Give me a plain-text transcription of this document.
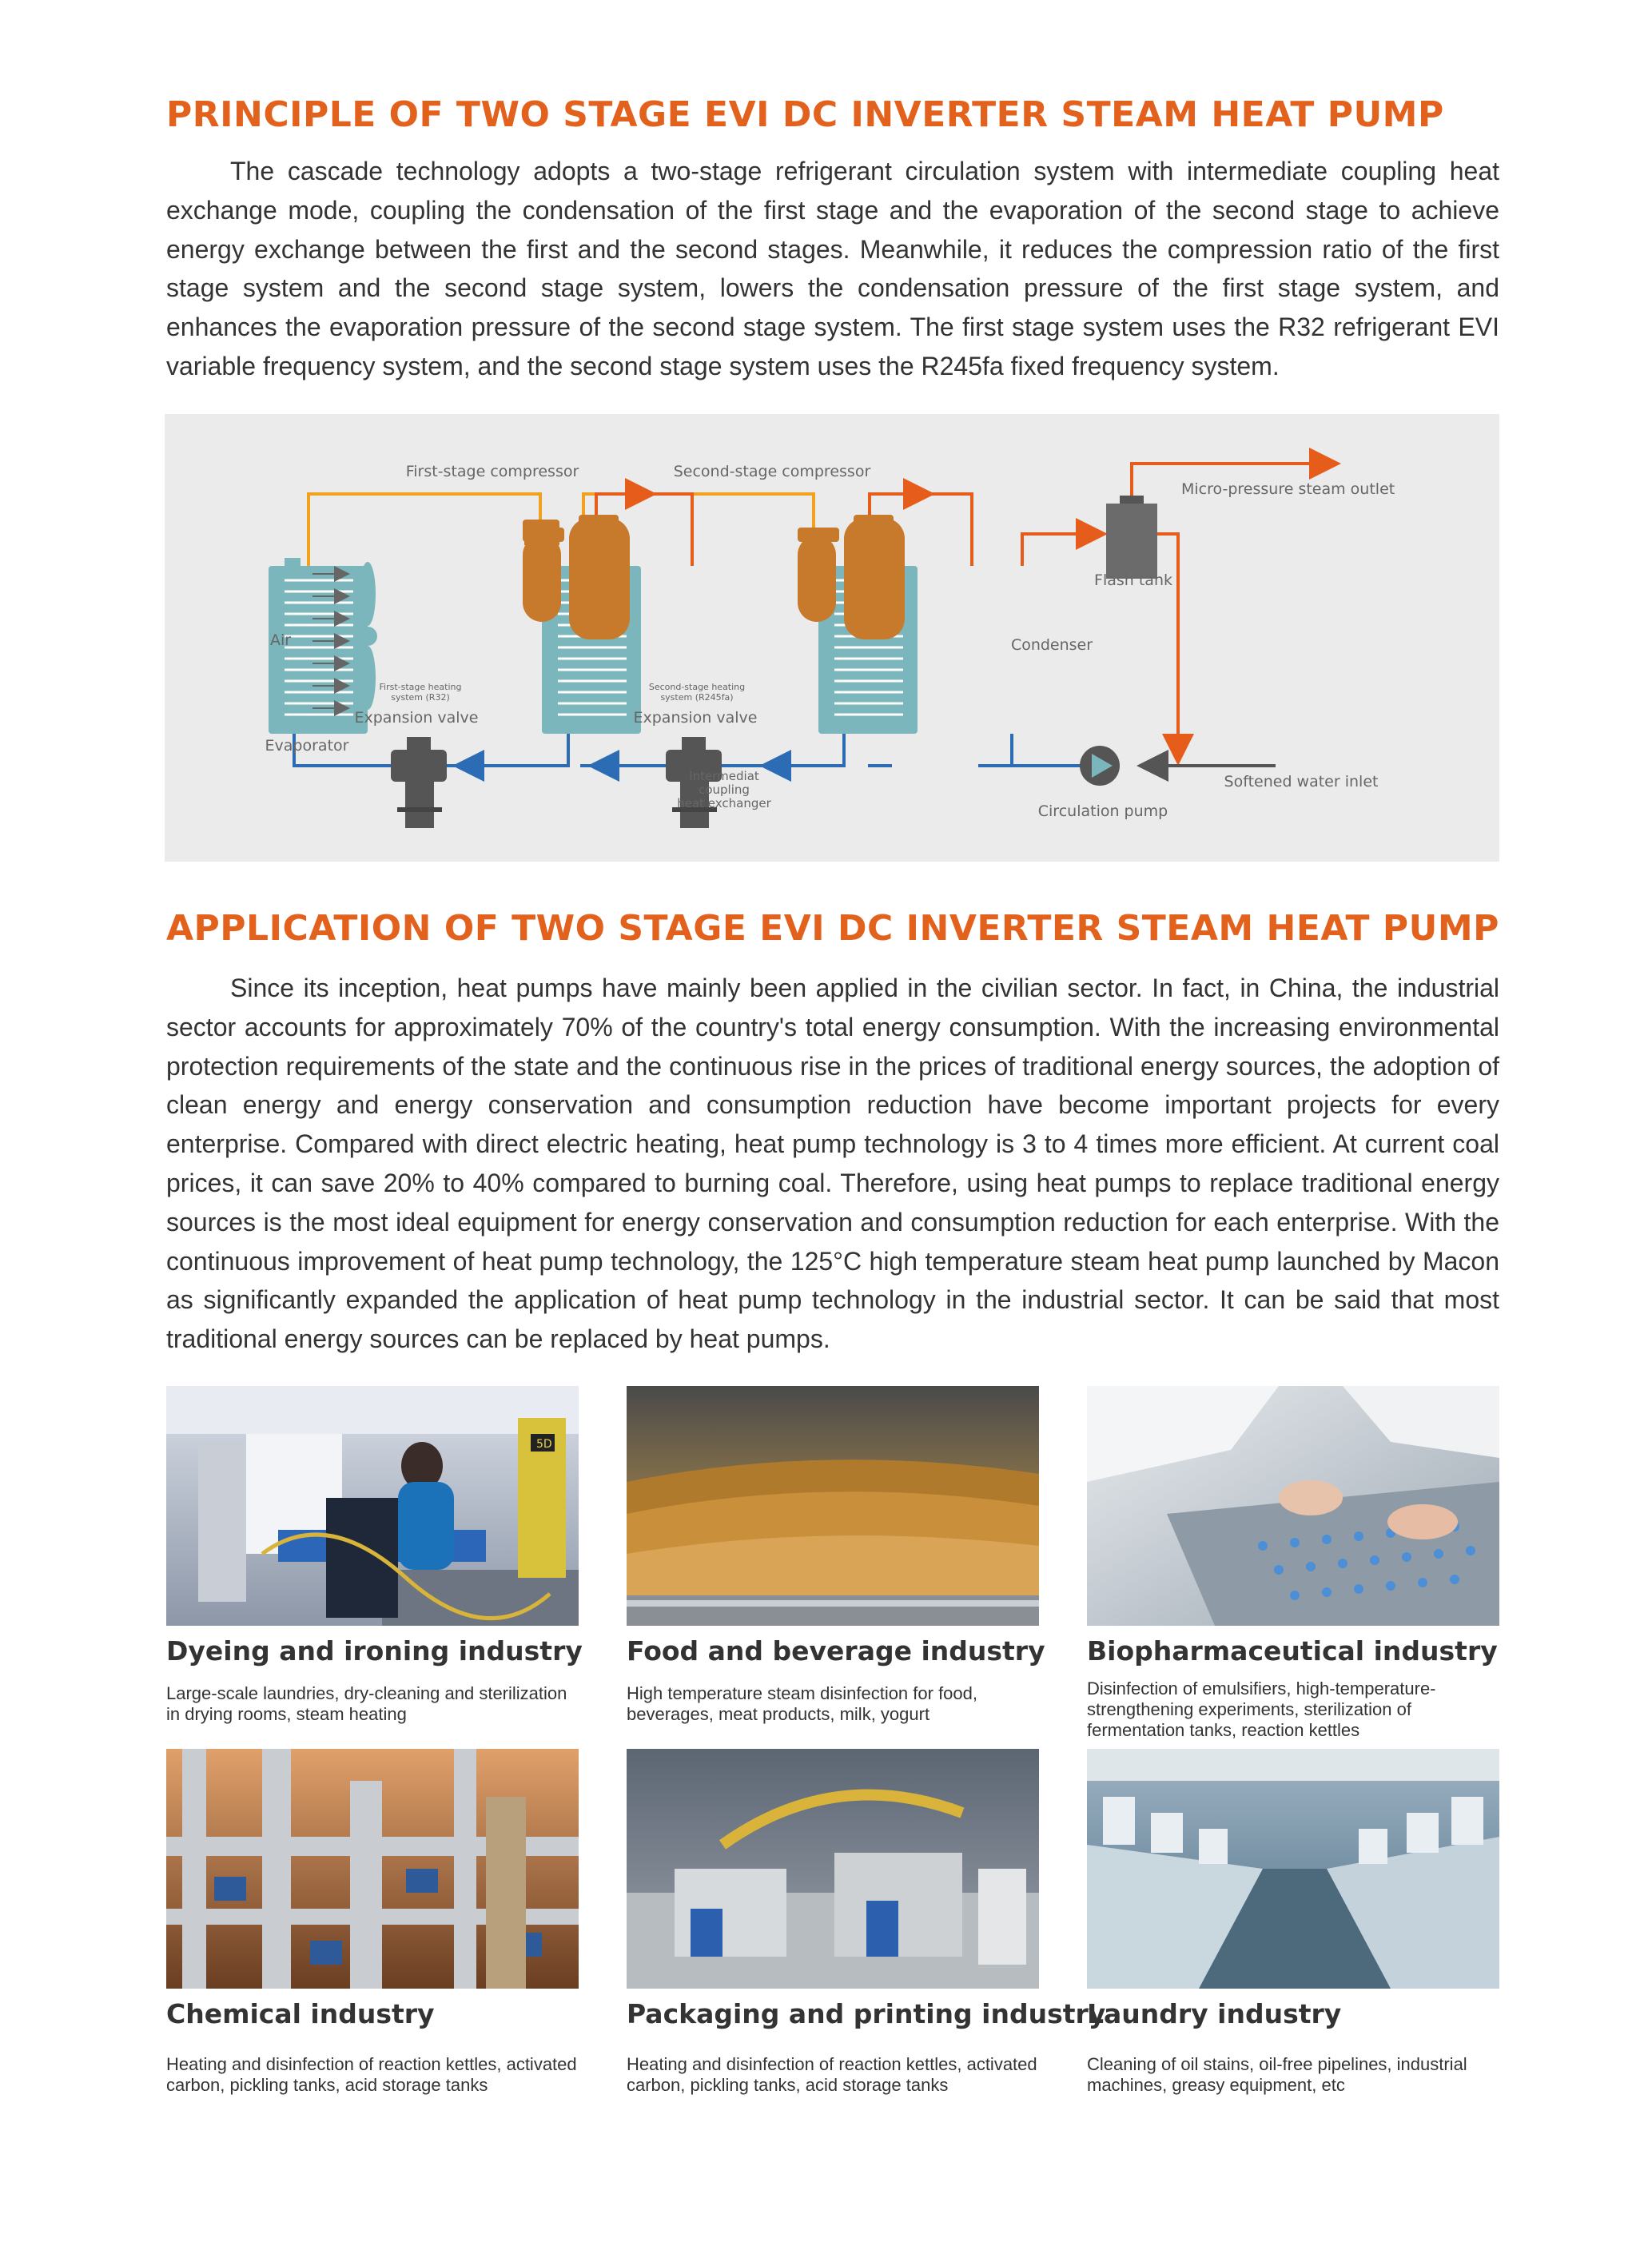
PRINCIPLE OF TWO STAGE EVI DC INVERTER STEAM HEAT PUMP

The cascade technology adopts a two-stage refrigerant circulation system with intermediate coupling heat exchange mode, coupling the condensation of the first stage and the evaporation of the second stage to achieve energy exchange between the first and the second stages. Meanwhile, it reduces the compression ratio of the first stage system and the second stage system, lowers the condensation pressure of the first stage system, and enhances the evaporation pressure of the second stage system. The first stage system uses the R32 refrigerant EVI variable frequency system, and the second stage system uses the R245fa fixed frequency system.

First-stage compressor	Second-stage compressor
Micro-pressure steam outlet
Flash tank
Air	Condenser
First-stage heating
system (R32)
Second-stage heating
system (R245fa)
Expansion valve	Expansion valve
Evaporator
Intermediat
coupling
heat exchanger
Softened water inlet
Circulation pump
APPLICATION OF TWO STAGE EVI DC INVERTER STEAM HEAT PUMP

Since its inception, heat pumps have mainly been applied in the civilian sector. In fact, in China, the industrial sector accounts for approximately 70% of the country's total energy consumption. With the increasing environmental protection requirements of the state and the continuous rise in the prices of traditional energy sources, the adoption of clean energy and energy conservation and consumption reduction have become important projects for every enterprise. Compared with direct electric heating, heat pump technology is 3 to 4 times more efficient. At current coal prices, it can save 20% to 40% compared to burning coal. Therefore, using heat pumps to replace traditional energy sources is the most ideal equipment for energy conservation and consumption reduction for each enterprise. With the continuous improvement of heat pump technology, the 125°C high temperature steam heat pump launched by Macon as significantly expanded the application of heat pump technology in the industrial sector. It can be said that most traditional energy sources can be replaced by heat pumps.

5D
Dyeing and ironing industry
Large-scale laundries, dry-cleaning and sterilization in drying rooms, steam heating
Food and beverage industry
High temperature steam disinfection for food, beverages, meat products, milk, yogurt
Biopharmaceutical industry
Disinfection of emulsifiers, high-temperature-strengthening experiments, sterilization of fermentation tanks, reaction kettles
Chemical industry
Heating and disinfection of reaction kettles, activated carbon, pickling tanks, acid storage tanks
Packaging and printing industry
Heating and disinfection of reaction kettles, activated carbon, pickling tanks, acid storage tanks
Laundry industry
Cleaning of oil stains, oil-free pipelines, industrial machines, greasy equipment, etc
